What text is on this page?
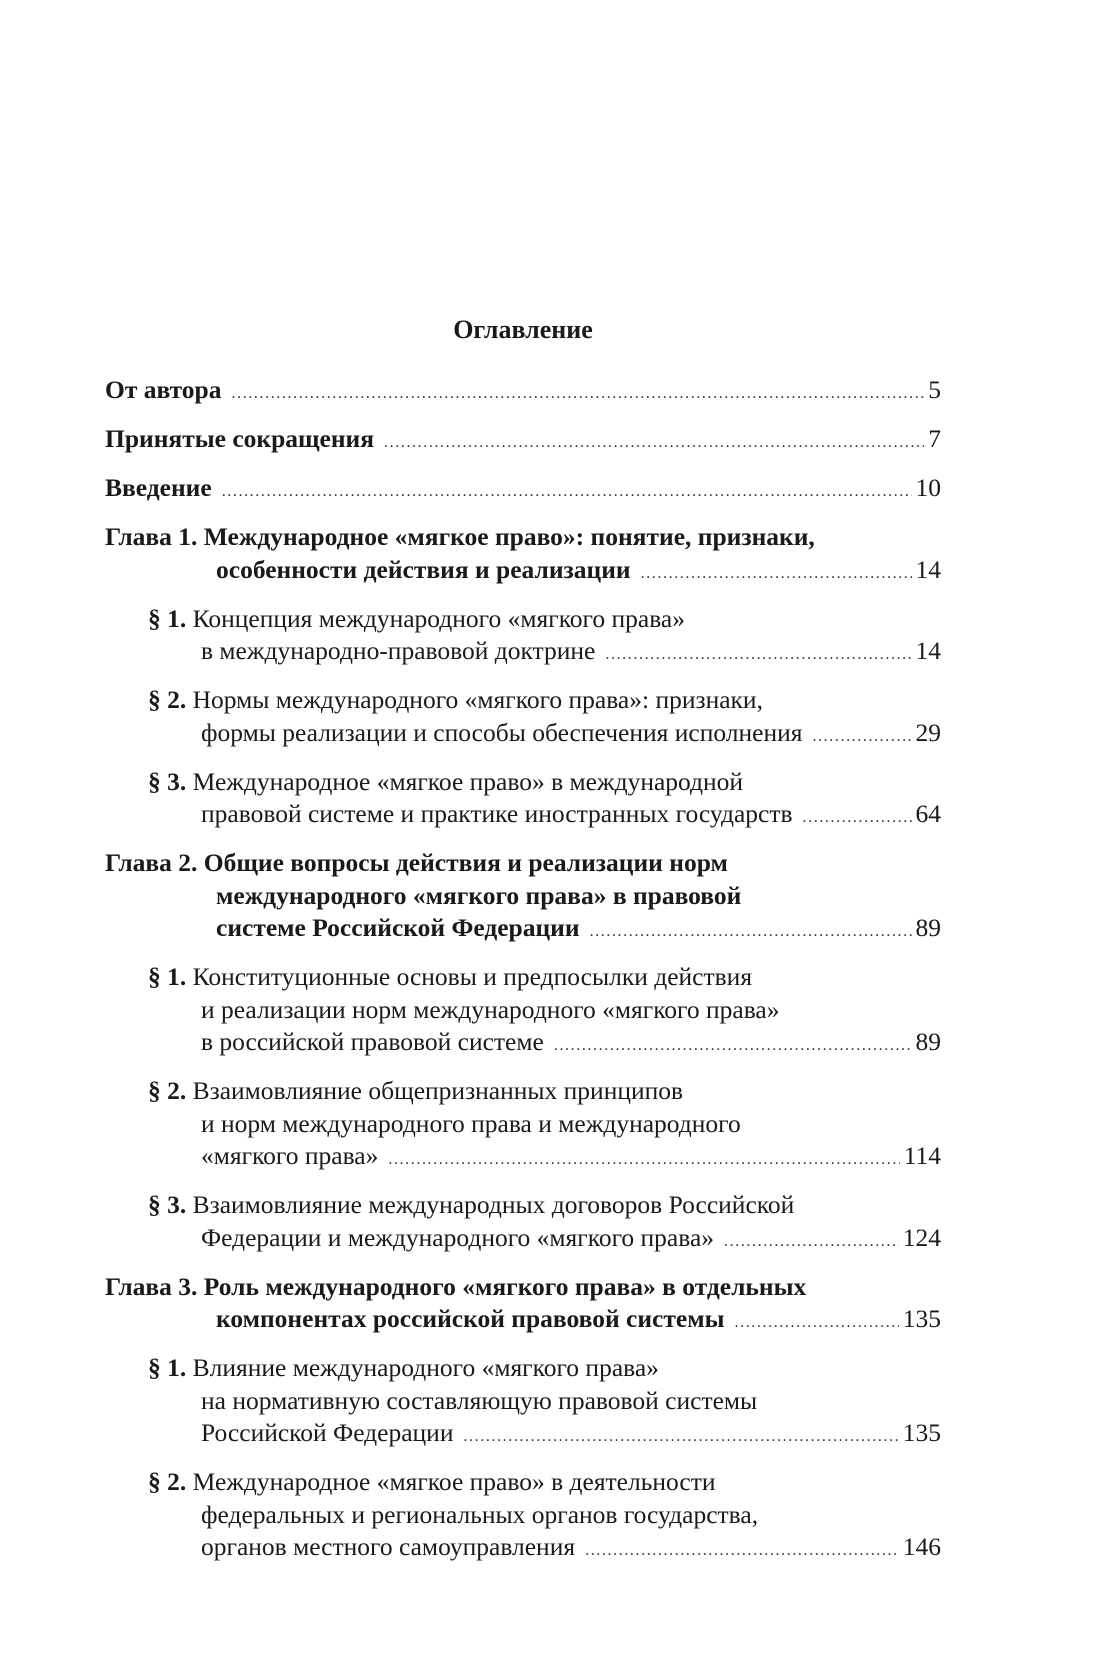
Оглавление
От автора .....	5
Принятые сокращения .....	7
Введение .....	10
Глава 1. Международное «мягкое право»: понятие, признаки,
особенности действия и реализации .....	14
§ 1. Концепция международного «мягкого права»
в международно-правовой доктрине .....	14
§ 2. Нормы международного «мягкого права»: признаки,
формы реализации и способы обеспечения исполнения .....	29
§ 3. Международное «мягкое право» в международной
правовой системе и практике иностранных государств .....	64
Глава 2. Общие вопросы действия и реализации норм
международного «мягкого права» в правовой
системе Российской Федерации .....	89
§ 1. Конституционные основы и предпосылки действия
и реализации норм международного «мягкого права»
в российской правовой системе .....	89
§ 2. Взаимовлияние общепризнанных принципов
и норм международного права и международного
«мягкого права» .....	114
§ 3. Взаимовлияние международных договоров Российской
Федерации и международного «мягкого права» .....	124
Глава 3. Роль международного «мягкого права» в отдельных
компонентах российской правовой системы .....	135
§ 1. Влияние международного «мягкого права»
на нормативную составляющую правовой системы
Российской Федерации .....	135
§ 2. Международное «мягкое право» в деятельности
федеральных и региональных органов государства,
органов местного самоуправления .....	146
